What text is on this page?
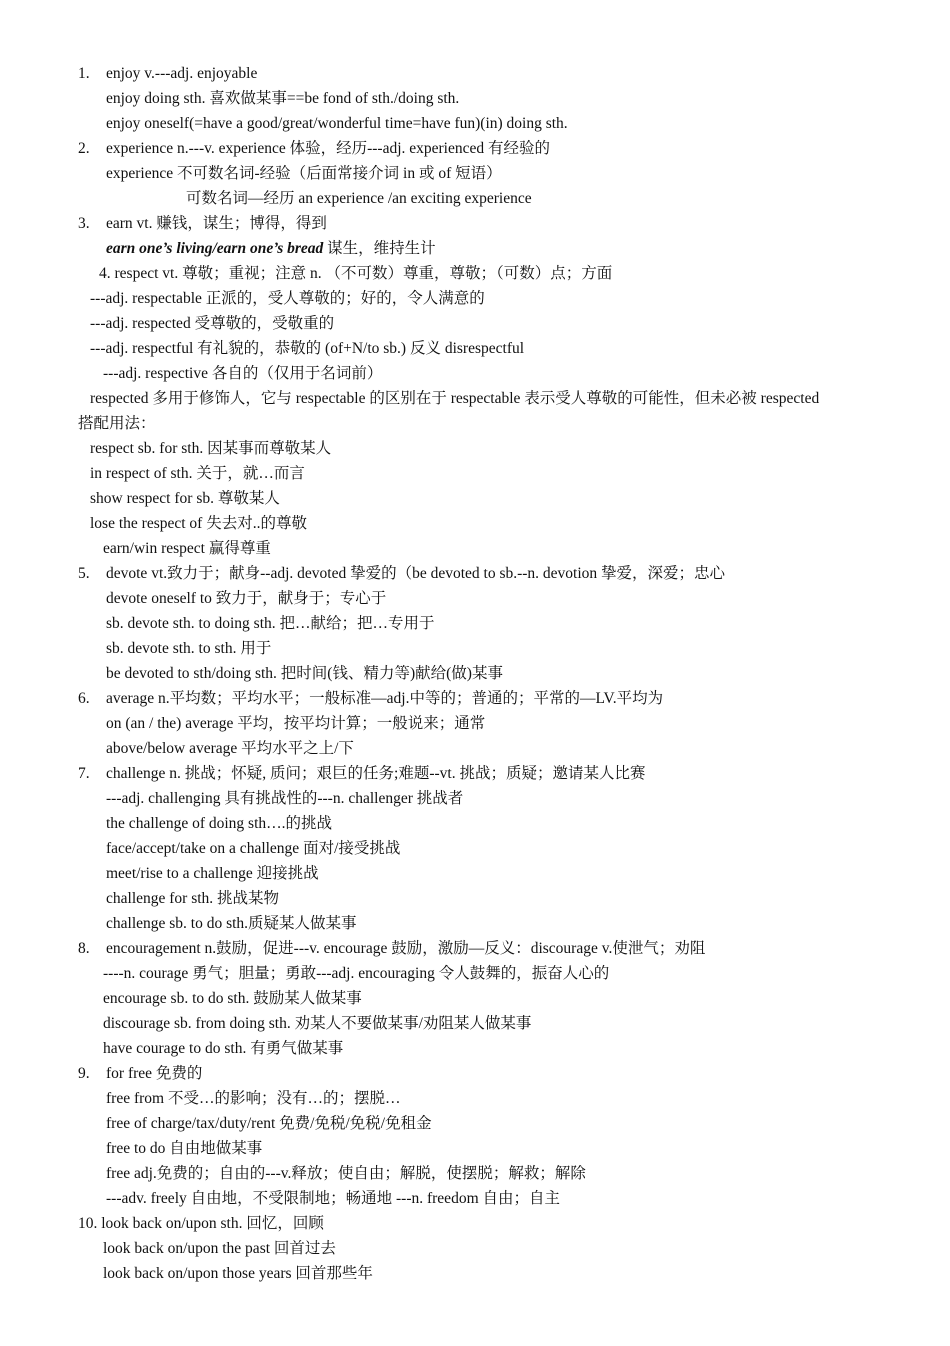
1. enjoy v.---adj. enjoyable
enjoy doing sth. 喜欢做某事==be fond of sth./doing sth.
enjoy oneself(=have a good/great/wonderful time=have fun)(in) doing sth.
2. experience n.---v. experience 体验，经历---adj. experienced 有经验的
experience 不可数名词-经验（后面常接介词 in 或 of 短语）
可数名词—经历 an experience /an exciting experience
3. earn vt. 赚钱，谋生；博得，得到
earn one’s living/earn one’s bread 谋生，维持生计
4. respect vt. 尊敬；重视；注意 n. （不可数）尊重，尊敬；（可数）点；方面
---adj. respectable 正派的，受人尊敬的；好的，令人满意的
---adj. respected 受尊敬的，受敬重的
---adj. respectful 有礼貌的，恭敬的 (of+N/to sb.) 反义 disrespectful
---adj. respective 各自的（仅用于名词前）
respected 多用于修饰人，它与 respectable 的区别在于 respectable 表示受人尊敬的可能性，但未必被 respected
搭配用法：
respect sb. for sth. 因某事而尊敬某人
in respect of sth. 关于，就…而言
show respect for sb. 尊敬某人
lose the respect of 失去对..的尊敬
earn/win respect 赢得尊重
5. devote vt.致力于；献身--adj. devoted 挚爱的（be devoted to sb.--n. devotion 挚爱，深爱；忠心
devote oneself to 致力于，献身于；专心于
sb. devote sth. to doing sth. 把…献给；把…专用于
sb. devote sth. to sth. 用于
be devoted to sth/doing sth. 把时间(钱、精力等)献给(做)某事
6. average n.平均数；平均水平；一般标准—adj.中等的；普通的；平常的—LV.平均为
on (an / the) average 平均，按平均计算；一般说来；通常
above/below average 平均水平之上/下
7. challenge n. 挑战；怀疑, 质问；艰巨的任务;难题--vt. 挑战；质疑；邀请某人比赛
---adj. challenging 具有挑战性的---n. challenger 挑战者
the challenge of doing sth….的挑战
face/accept/take on a challenge 面对/接受挑战
meet/rise to a challenge 迎接挑战
challenge for sth. 挑战某物
challenge sb. to do sth.质疑某人做某事
8. encouragement n.鼓励，促进---v. encourage 鼓励，激励—反义：discourage v.使泄气；劝阻
----n. courage 勇气；胆量；勇敢---adj. encouraging 令人鼓舞的，振奋人心的
encourage sb. to do sth. 鼓励某人做某事
discourage sb. from doing sth. 劝某人不要做某事/劝阻某人做某事
have courage to do sth. 有勇气做某事
9. for free 免费的
free from 不受…的影响；没有…的；摆脱…
free of charge/tax/duty/rent 免费/免税/免税/免租金
free to do 自由地做某事
free adj.免费的；自由的---v.释放；使自由；解脱，使摆脱；解救；解除
---adv. freely 自由地，不受限制地；畅通地 ---n. freedom 自由；自主
10. look back on/upon sth. 回忆，回顾
look back on/upon the past 回首过去
look back on/upon those years 回首那些年
